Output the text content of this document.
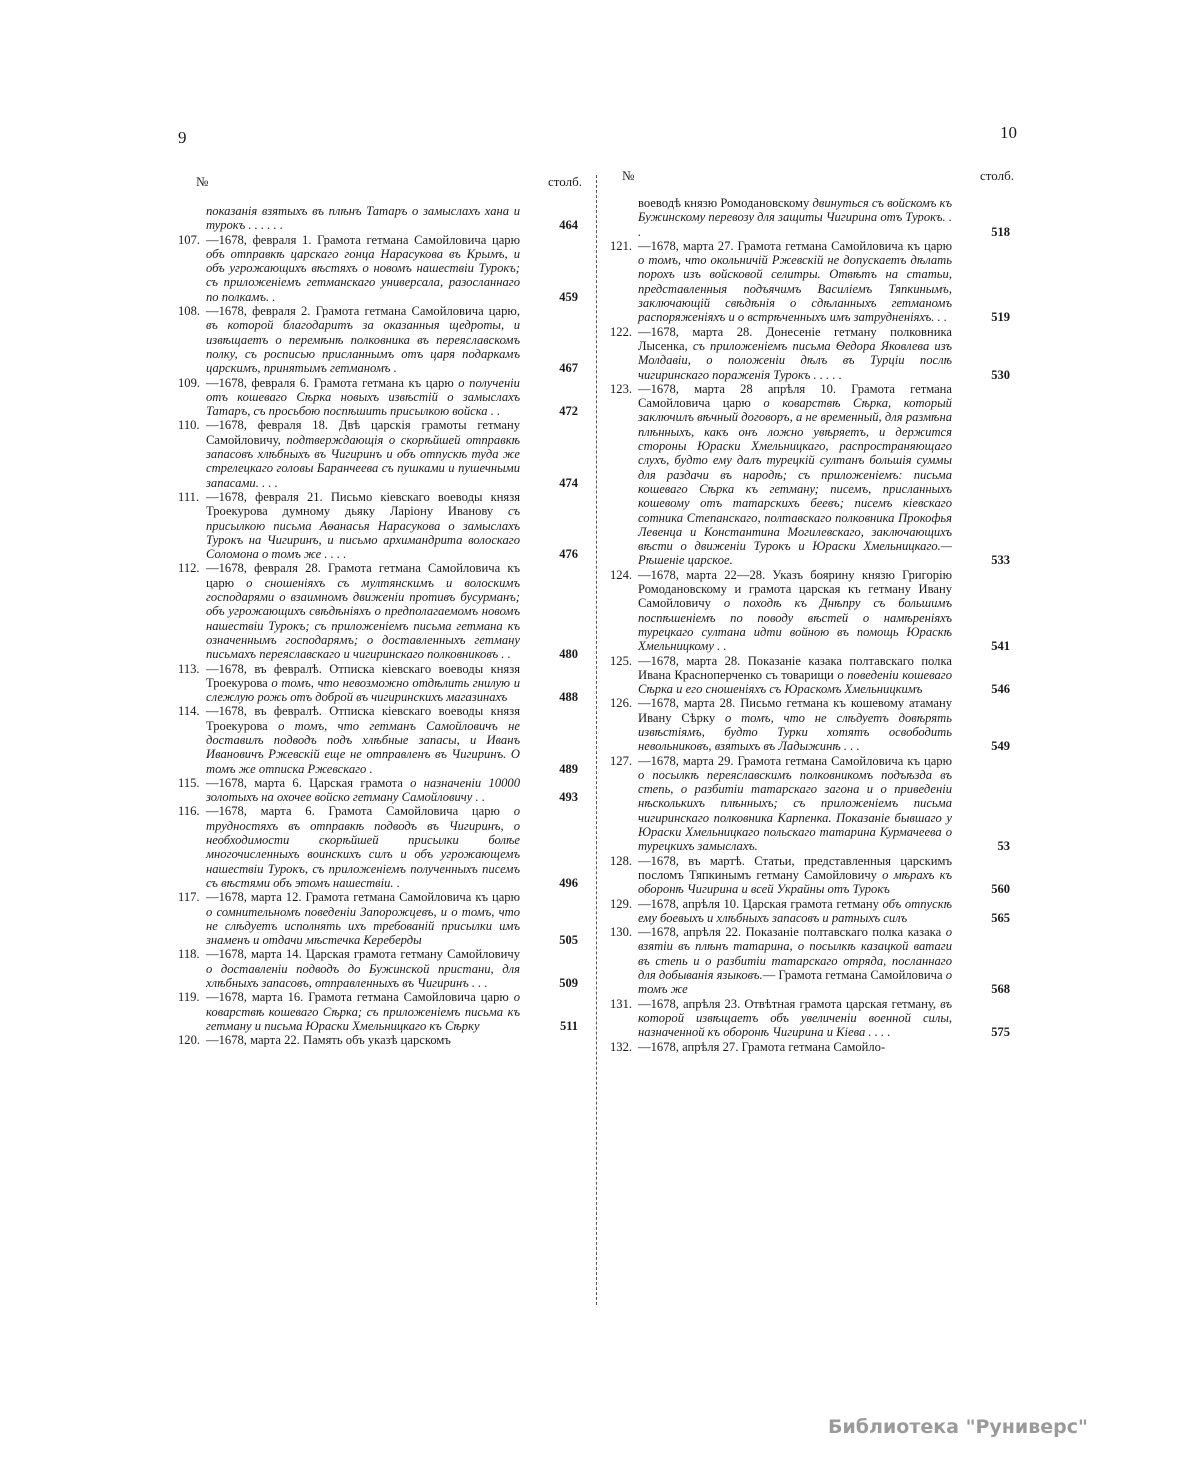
9	10
№	столб.	№	столб.
показанія взятыхъ въ плѣнъ Татаръ о замыслахъ хана и турокъ . . . . . .	464
107. —1678, февраля 1. Грамота гетмана Самойловича царю объ отправкѣ царскаго гонца Нарасукова въ Крымъ, и объ угрожающихъ вѣстяхъ о новомъ нашествіи Турокъ; съ приложеніемъ гетманскаго универсала, разосланнаго по полкамъ. .	459
108. —1678, февраля 2. Грамота гетмана Самойловича царю, въ которой благодаритъ за оказанныя щедроты, и извѣщаетъ о перемѣнѣ полковника въ переяславскомъ полку, съ росписью присланнымъ отъ царя подаркамъ царскимъ, принятымъ гетманомъ .	467
109. —1678, февраля 6. Грамота гетмана къ царю о полученіи отъ кошеваго Сѣрка новыхъ извѣстій о замыслахъ Татаръ, съ просьбою поспѣшить присылкою войска . .	472
110. —1678, февраля 18. Двѣ царскія грамоты гетману Самойловичу, подтверждающія о скорѣйшей отправкѣ запасовъ хлѣбныхъ въ Чигиринъ и объ отпускѣ туда же стрелецкаго головы Баранчеева съ пушками и пушечными запасами. . . .	474
111. —1678, февраля 21. Письмо кіевскаго воеводы князя Троекурова думному дьяку Ларіону Иванову съ присылкою письма Аѳанасья Нарасукова о замыслахъ Турокъ на Чигиринъ, и письмо архимандрита волоскаго Соломона о томъ же . . . .	476
112. —1678, февраля 28. Грамота гетмана Самойловича къ царю о сношеніяхъ съ мултянскимъ и волоскимъ господарями о взаимномъ движеніи противъ бусурманъ; объ угрожающихъ свѣдѣніяхъ о предполагаемомъ новомъ нашествіи Турокъ; съ приложеніемъ письма гетмана къ означеннымъ господарямъ; о доставленныхъ гетману письмахъ переяславскаго и чигиринскаго полковниковъ . .	480
113. —1678, въ февралѣ. Отписка кіевскаго воеводы князя Троекурова о томъ, что невозможно отдѣлить гнилую и слежлую рожь отъ доброй въ чигиринскихъ магазинахъ	488
114. —1678, въ февралѣ. Отписка кіевскаго воеводы князя Троекурова о томъ, что гетманъ Самойловичъ не доставилъ подводъ подъ хлѣбные запасы, и Иванъ Ивановичъ Ржевскій еще не отправленъ въ Чигиринъ. О томъ же отписка Ржевскаго .	489
115. —1678, марта 6. Царская грамота о назначеніи 10000 золотыхъ на охочее войско гетману Самойловичу . .	493
116. —1678, марта 6. Грамота Самойловича царю о трудностяхъ въ отправкѣ подводъ въ Чигиринъ, о необходимости скорѣйшей присылки болѣе многочисленныхъ воинскихъ силъ и объ угрожающемъ нашествіи Турокъ, съ приложеніемъ полученныхъ писемъ съ вѣстями объ этомъ нашествіи. .	496
117. —1678, марта 12. Грамота гетмана Самойловича къ царю о сомнительномъ поведеніи Запорожцевъ, и о томъ, что не слѣдуетъ исполнять ихъ требованій присылки имъ знаменъ и отдачи мѣстечка Кереберды	505
118. —1678, марта 14. Царская грамота гетману Самойловичу о доставленіи подводъ до Бужинской пристани, для хлѣбныхъ запасовъ, отправленныхъ въ Чигиринъ . . .	509
119. —1678, марта 16. Грамота гетмана Самойловича царю о коварствѣ кошеваго Сѣрка; съ приложеніемъ письма къ гетману и письма Юраски Хмельницкаго къ Сѣрку	511
120. —1678, марта 22. Память объ указѣ царскомъ
воеводѣ князю Ромодановскому двинуться съ войскомъ къ Бужинскому перевозу для защиты Чигирина отъ Турокъ. . .	518
121. —1678, марта 27. Грамота гетмана Самойловича къ царю о томъ, что окольничій Ржевскій не допускаетъ дѣлать порохъ изъ войсковой селитры. Отвѣтъ на статьи, представленныя подъячимъ Василіемъ Тяпкинымъ, заключающій свѣдѣнія о сдѣланныхъ гетманомъ распоряженіяхъ и о встрѣченныхъ имъ затрудненіяхъ. . .	519
122. —1678, марта 28. Донесеніе гетману полковника Лысенка, съ приложеніемъ письма Ѳедора Яковлева изъ Молдавіи, о положеніи дѣлъ въ Турціи послѣ чигиринскаго пораженія Турокъ . . . . .	530
123. —1678, марта 28 апрѣля 10. Грамота гетмана Самойловича царю о коварствѣ Сѣрка, который заключилъ вѣчный договоръ, а не временный, для размѣна плѣнныхъ, какъ онъ ложно увѣряетъ, и держится стороны Юраски Хмельницкаго, распространяющаго слухъ, будто ему далъ турецкій султанъ большія суммы для раздачи въ народѣ; съ приложеніемъ: письма кошеваго Сѣрка къ гетману; писемъ, присланныхъ кошевому отъ татарскихъ беевъ; писемъ кіевскаго сотника Степанскаго, полтавскаго полковника Прокофья Левенца и Константина Могилевскаго, заключающихъ вѣсти о движеніи Турокъ и Юраски Хмельницкаго.— Рѣшеніе царское.	533
124. —1678, марта 22—28. Указъ боярину князю Григорію Ромодановскому и грамота царская къ гетману Ивану Самойловичу о походѣ къ Днѣпру съ большимъ поспѣшеніемъ по поводу вѣстей о намѣреніяхъ турецкаго султана идти войною въ помощь Юраскѣ Хмельницкому . .	541
125. —1678, марта 28. Показаніе казака полтавскаго полка Ивана Красноперченко съ товарищи о поведеніи кошеваго Сѣрка и его сношеніяхъ съ Юраскомъ Хмельницкимъ	546
126. —1678, марта 28. Письмо гетмана къ кошевому атаману Ивану Сѣрку о томъ, что не слѣдуетъ довѣрять извѣстіямъ, будто Турки хотятъ освободить невольниковъ, взятыхъ въ Ладыжинѣ . . .	549
127. —1678, марта 29. Грамота гетмана Самойловича къ царю о посылкѣ переяславскимъ полковникомъ подъѣзда въ степь, о разбитіи татарскаго загона и о приведеніи нѣсколькихъ плѣнныхъ; съ приложеніемъ письма чигиринскаго полковника Карпенка. Показаніе бывшаго у Юраски Хмельницкаго польскаго татарина Курмачеева о турецкихъ замыслахъ.	53
128. —1678, въ мартѣ. Статьи, представленныя царскимъ посломъ Тяпкинымъ гетману Самойловичу о мѣрахъ къ оборонѣ Чигирина и всей Украйны отъ Турокъ	560
129. —1678, апрѣля 10. Царская грамота гетману объ отпускѣ ему боевыхъ и хлѣбныхъ запасовъ и ратныхъ силъ	565
130. —1678, апрѣля 22. Показаніе полтавскаго полка казака о взятіи въ плѣнъ татарина, о посылкѣ казацкой ватаги въ степь и о разбитіи татарскаго отряда, посланнаго для добыванія языковъ.— Грамота гетмана Самойловича о томъ же	568
131. —1678, апрѣля 23. Отвѣтная грамота царская гетману, въ которой извѣщаетъ объ увеличеніи военной силы, назначенной къ оборонѣ Чигирина и Кіева . . . .	575
132. —1678, апрѣля 27. Грамота гетмана Самойло-
Библиотека "Руниверс"
